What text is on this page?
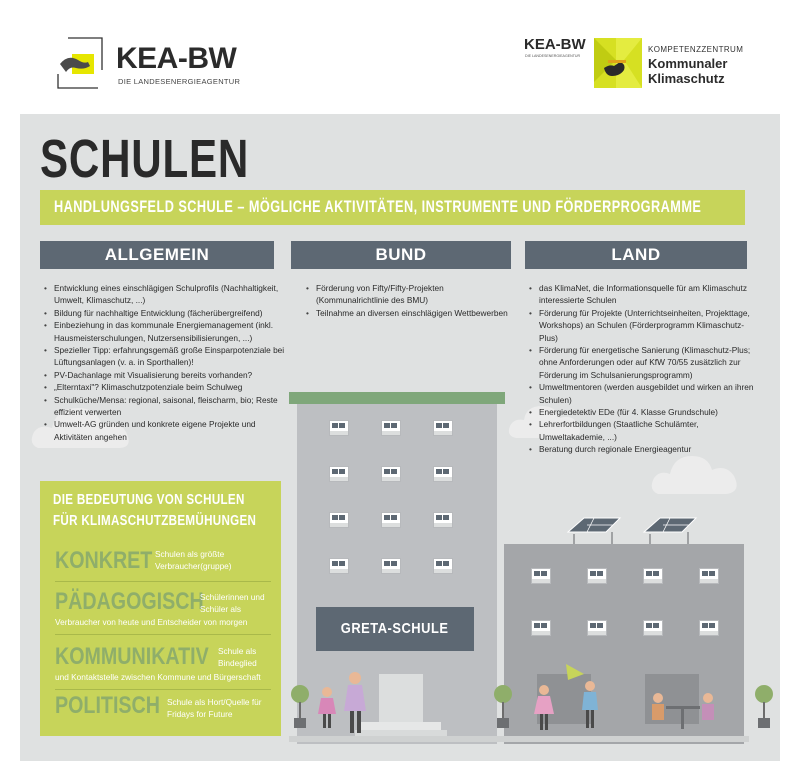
KEA-BW
DIE LANDESENERGIEAGENTUR
KEA-BW
DIE LANDESENERGIEAGENTUR
KOMPETENZZENTRUM
Kommunaler
Klimaschutz
SCHULEN
HANDLUNGSFELD SCHULE – MÖGLICHE AKTIVITÄTEN, INSTRUMENTE UND FÖRDERPROGRAMME
ALLGEMEIN	BUND	LAND
• Entwicklung eines einschlägigen Schulprofils (Nachhaltigkeit, Umwelt, Klimaschutz, ...)
• Bildung für nachhaltige Entwicklung (fächerübergreifend)
• Einbeziehung in das kommunale Energiemanagement (inkl. Hausmeisterschulungen, Nutzersensibilisierungen, ...)
• Spezieller Tipp: erfahrungsgemäß große Einsparpotenziale bei Lüftungsanlagen (v. a. in Sporthallen)!
• PV-Dachanlage mit Visualisierung bereits vorhanden?
• „Elterntaxi"? Klimaschutzpotenziale beim Schulweg
• Schulküche/Mensa: regional, saisonal, fleischarm, bio; Reste effizient verwerten
• Umwelt-AG gründen und konkrete eigene Projekte und Aktivitäten angehen
• Förderung von Fifty/Fifty-Projekten (Kommunalrichtlinie des BMU)
• Teilnahme an diversen einschlägigen Wettbewerben
• das KlimaNet, die Informationsquelle für am Klimaschutz interessierte Schulen
• Förderung für Projekte (Unterrichtseinheiten, Projekttage, Workshops) an Schulen (Förderprogramm Klimaschutz-Plus)
• Förderung für energetische Sanierung (Klimaschutz-Plus; ohne Anforderungen oder auf KfW 70/55 zusätzlich zur Förderung im Schulsanierungsprogramm)
• Umweltmentoren (werden ausgebildet und wirken an ihren Schulen)
• Energiedetektiv EDe (für 4. Klasse Grundschule)
• Lehrerfortbildungen (Staatliche Schulämter, Umweltakademie, ...)
• Beratung durch regionale Energieagentur
GRETA-SCHULE
DIE BEDEUTUNG VON SCHULEN
FÜR KLIMASCHUTZBEMÜHUNGEN
KONKRET Schulen als größte Verbraucher(gruppe)
PÄDAGOGISCH
Schülerinnen und Schüler als
Verbraucher von heute und Entscheider von morgen
KOMMUNIKATIV	Schule als Bindeglied
und Kontaktstelle zwischen Kommune und Bürgerschaft
POLITISCH Schule als Hort/Quelle für Fridays for Future
